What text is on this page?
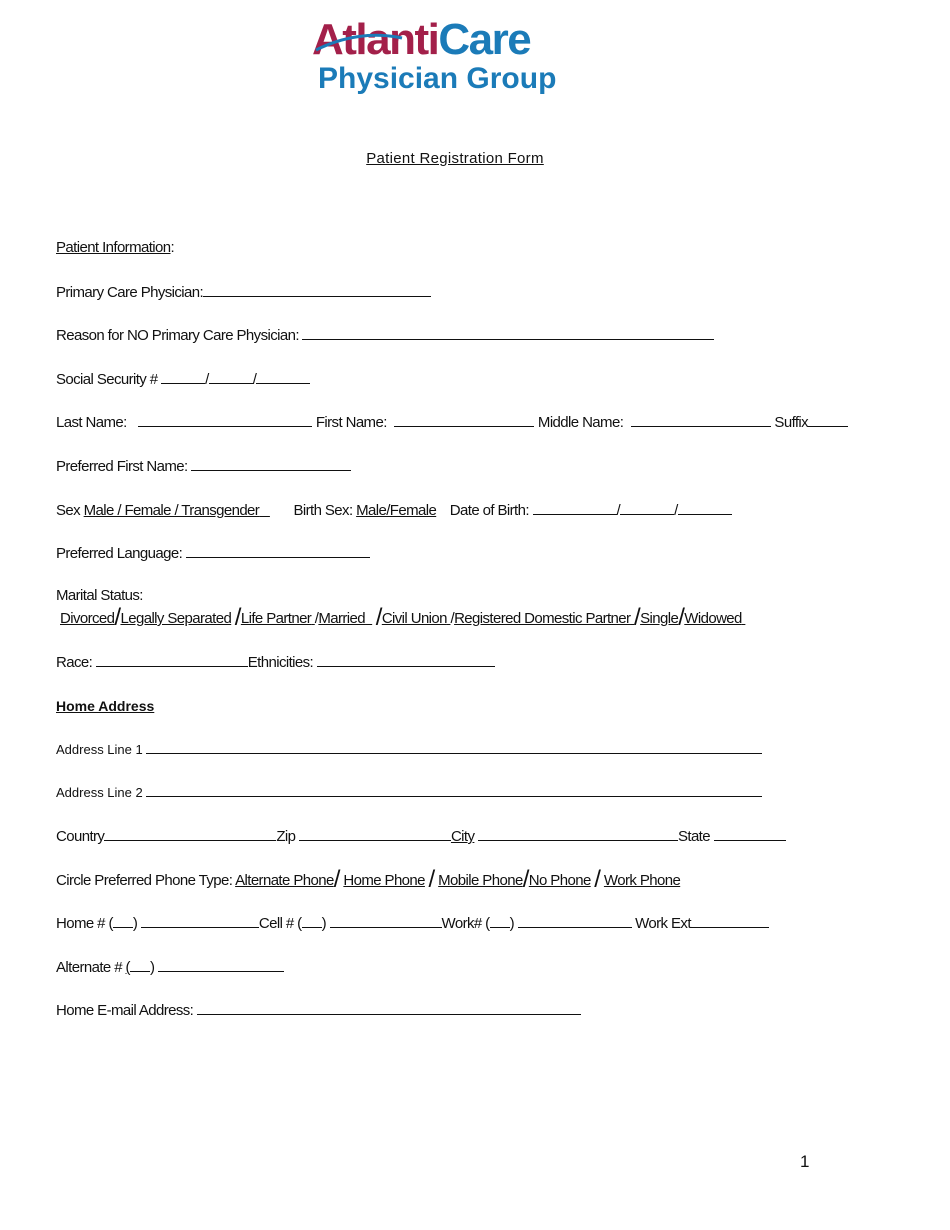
AtlantiCare
Physician Group
Patient Registration Form
Patient Information:
Primary Care Physician:
Reason for NO Primary Care Physician:
Social Security #	/	/
Last Name:	First Name:	Middle Name:	Suffix
Preferred First Name:
Sex Male / Female / Transgender Birth Sex: Male/Female Date of Birth:	/	/
Preferred Language:
Marital Status:
Divorced/Legally Separated /Life Partner /Married /Civil Union /Registered Domestic Partner /Single/Widowed
Race:	Ethnicities:
Home Address
Address Line 1
Address Line 2
Country	Zip	City	State
Circle Preferred Phone Type: Alternate Phone/ Home Phone / Mobile Phone/No Phone / Work Phone
Home # ( )	Cell # ( )	Work# ( )	Work Ext
Alternate # ( )
Home E-mail Address:
1
